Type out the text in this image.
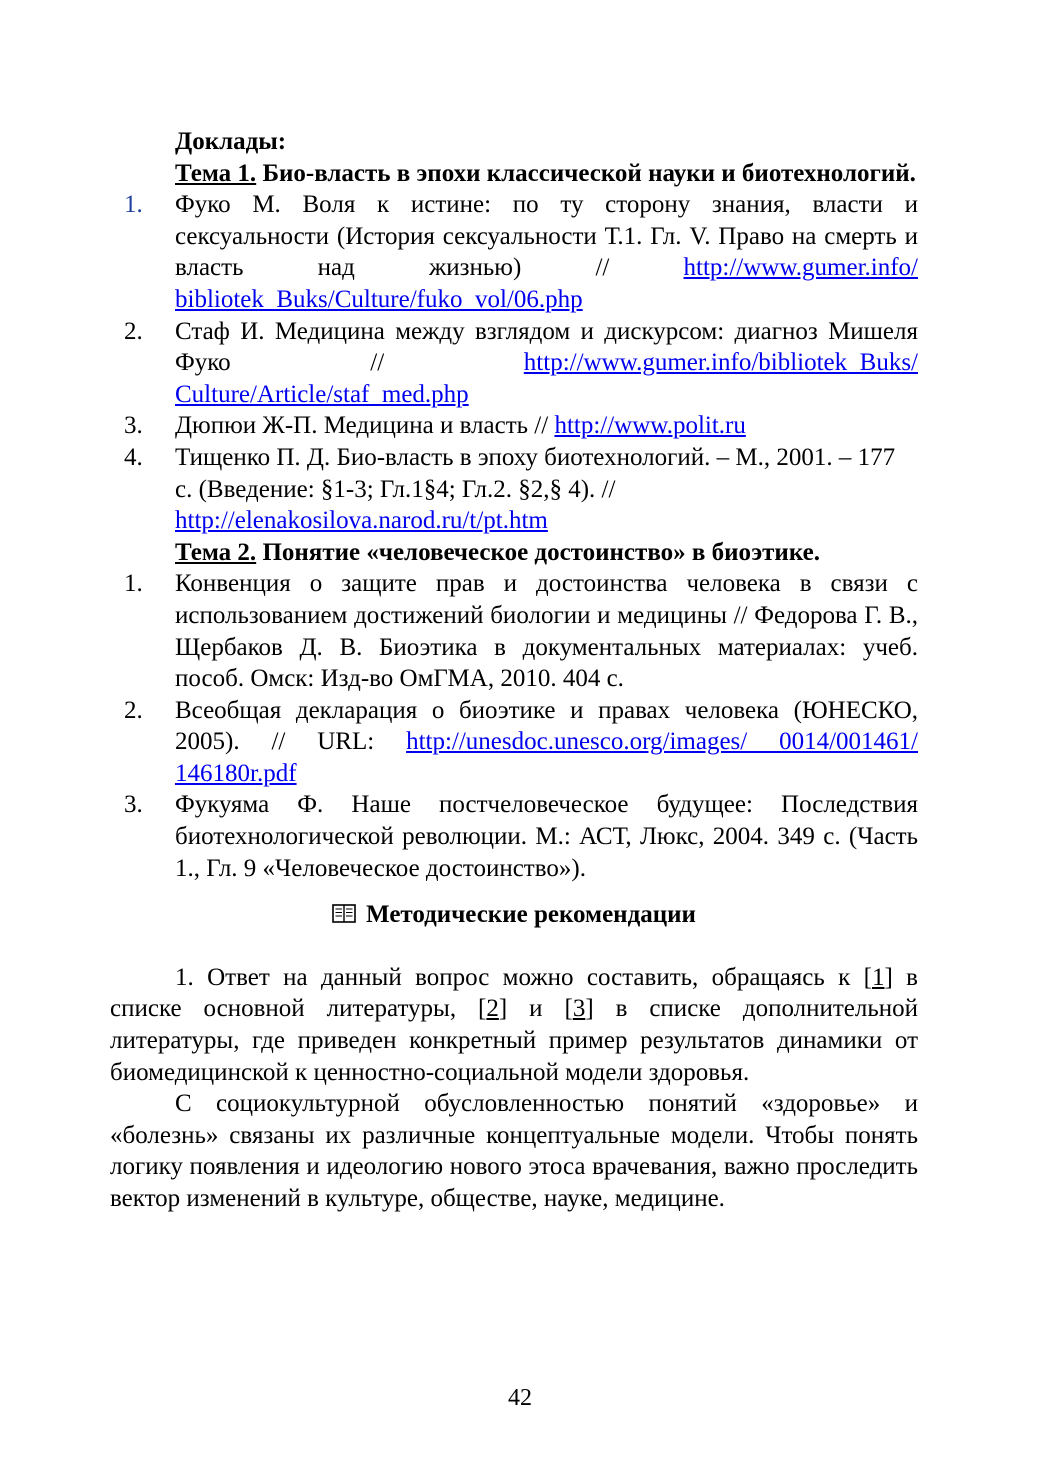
Доклады:

Тема 1. Био-власть в эпохи классической науки и биотехнологий.

1. Фуко М. Воля к истине: по ту сторону знания, власти и сексуальности (История сексуальности Т.1. Гл. V. Право на смерть и власть над жизнью) // http://www.gumer.info/ bibliotek_Buks/Culture/fuko_vol/06.php
2. Стаф И. Медицина между взглядом и дискурсом: диагноз Мишеля Фуко // http://www.gumer.info/bibliotek_Buks/ Culture/Article/staf_med.php
3. Дюпюи Ж-П. Медицина и власть // http://www.polit.ru
4. Тищенко П. Д. Био-власть в эпоху биотехнологий. – М., 2001. – 177 с. (Введение: §1-3; Гл.1§4; Гл.2. §2,§ 4). // http://elenakosilova.narod.ru/t/pt.htm

Тема 2. Понятие «человеческое достоинство» в биоэтике.

1. Конвенция о защите прав и достоинства человека в связи с использованием достижений биологии и медицины // Федорова Г. В., Щербаков Д. В. Биоэтика в документальных материалах: учеб. пособ. Омск: Изд-во ОмГМА, 2010. 404 с.
2. Всеобщая декларация о биоэтике и правах человека (ЮНЕСКО, 2005). // URL: http://unesdoc.unesco.org/images/ 0014/001461/ 146180r.pdf
3. Фукуяма Ф. Наше постчеловеческое будущее: Последствия биотехнологической революции. М.: АСТ, Люкс, 2004. 349 с. (Часть 1., Гл. 9 «Человеческое достоинство»).

Методические рекомендации

1. Ответ на данный вопрос можно составить, обращаясь к [1] в списке основной литературы, [2] и [3] в списке дополнительной литературы, где приведен конкретный пример результатов динамики от биомедицинской к ценностно-социальной модели здоровья.

С социокультурной обусловленностью понятий «здоровье» и «болезнь» связаны их различные концептуальные модели. Чтобы понять логику появления и идеологию нового этоса врачевания, важно проследить вектор изменений в культуре, обществе, науке, медицине.

42
